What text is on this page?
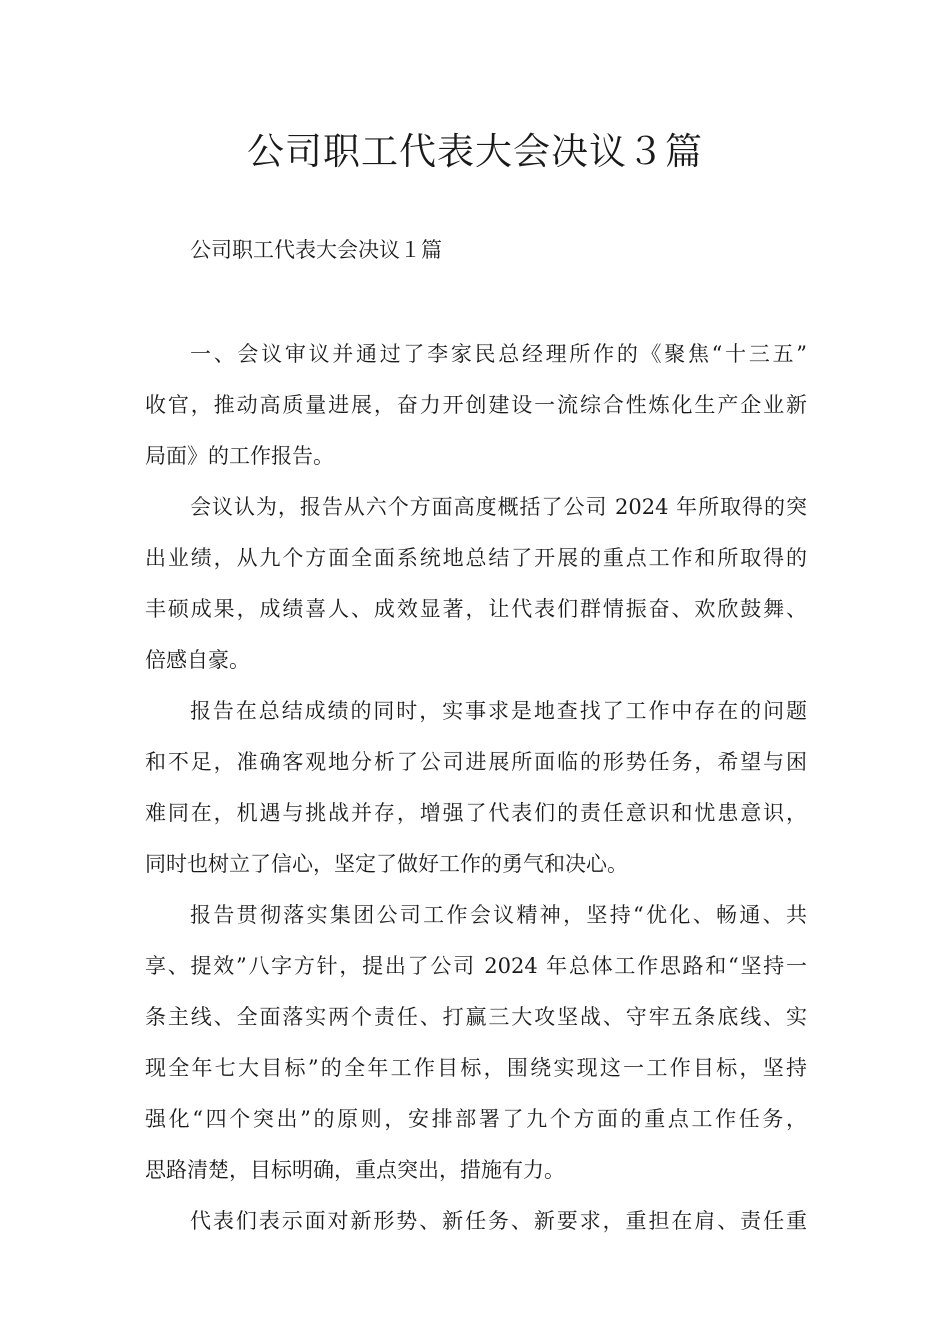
公司职工代表大会决议３篇

公司职工代表大会决议１篇

一、会议审议并通过了李家民总经理所作的《聚焦“十三五”
收官，推动高质量进展，奋力开创建设一流综合性炼化生产企业新
局面》的工作报告。

会议认为，报告从六个方面高度概括了公司 2024 年所取得的突
出业绩，从九个方面全面系统地总结了开展的重点工作和所取得的
丰硕成果，成绩喜人、成效显著，让代表们群情振奋、欢欣鼓舞、
倍感自豪。

报告在总结成绩的同时，实事求是地查找了工作中存在的问题
和不足，准确客观地分析了公司进展所面临的形势任务，希望与困
难同在，机遇与挑战并存，增强了代表们的责任意识和忧患意识，
同时也树立了信心，坚定了做好工作的勇气和决心。

报告贯彻落实集团公司工作会议精神，坚持“优化、畅通、共
享、提效”八字方针，提出了公司 2024 年总体工作思路和“坚持一
条主线、全面落实两个责任、打赢三大攻坚战、守牢五条底线、实
现全年七大目标”的全年工作目标，围绕实现这一工作目标，坚持
强化“四个突出”的原则，安排部署了九个方面的重点工作任务，
思路清楚，目标明确，重点突出，措施有力。

代表们表示面对新形势、新任务、新要求，重担在肩、责任重
